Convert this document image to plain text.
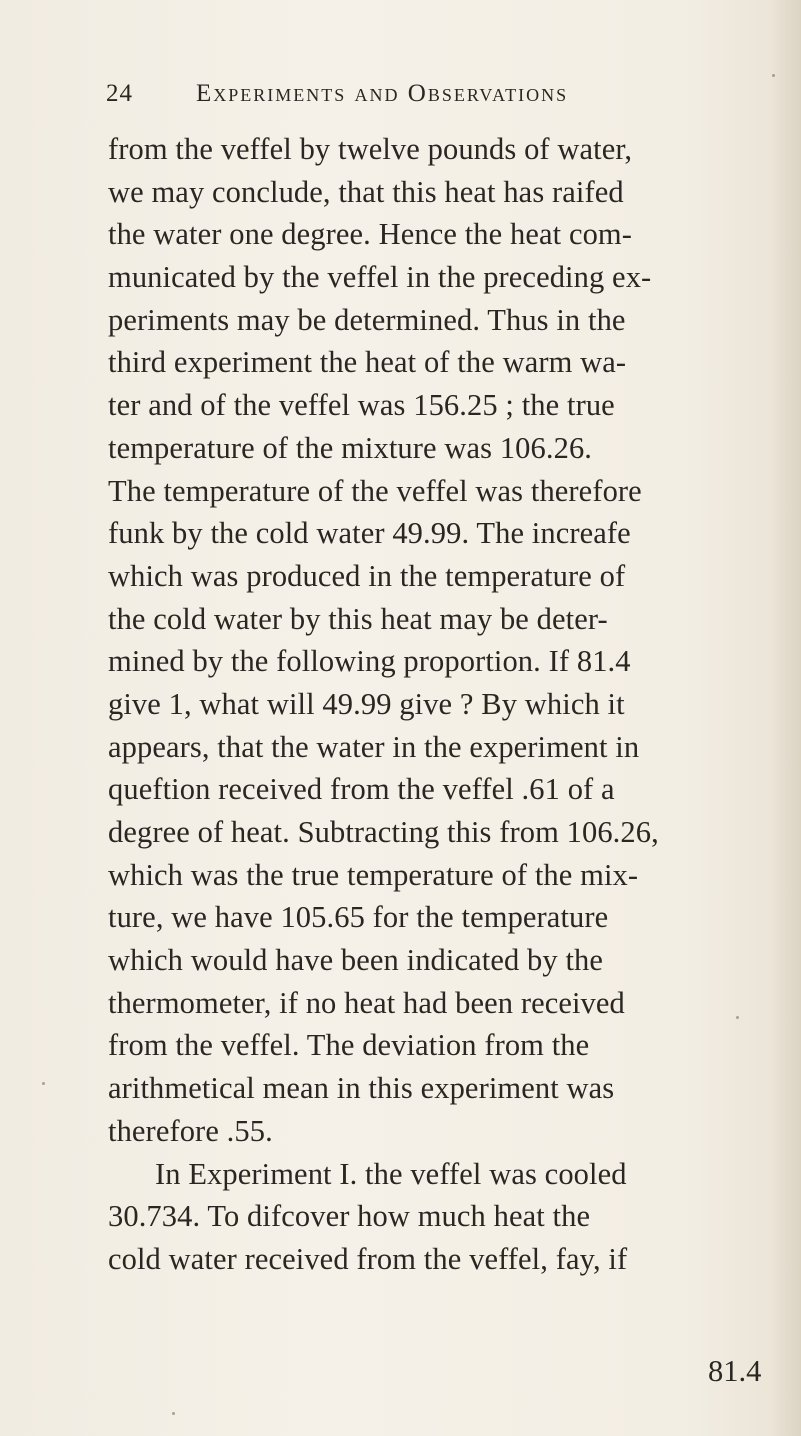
24	Experiments and Observations
from the veffel by twelve pounds of water,
we may conclude, that this heat has raifed
the water one degree. Hence the heat com-
municated by the veffel in the preceding ex-
periments may be determined. Thus in the
third experiment the heat of the warm wa-
ter and of the veffel was 156.25 ; the true
temperature of the mixture was 106.26.
The temperature of the veffel was therefore
funk by the cold water 49.99. The increafe
which was produced in the temperature of
the cold water by this heat may be deter-
mined by the following proportion. If 81.4
give 1, what will 49.99 give ? By which it
appears, that the water in the experiment in
queftion received from the veffel .61 of a
degree of heat. Subtracting this from 106.26,
which was the true temperature of the mix-
ture, we have 105.65 for the temperature
which would have been indicated by the
thermometer, if no heat had been received
from the veffel. The deviation from the
arithmetical mean in this experiment was
therefore .55.
In Experiment I. the veffel was cooled
30.734. To difcover how much heat the
cold water received from the veffel, fay, if
81.4
